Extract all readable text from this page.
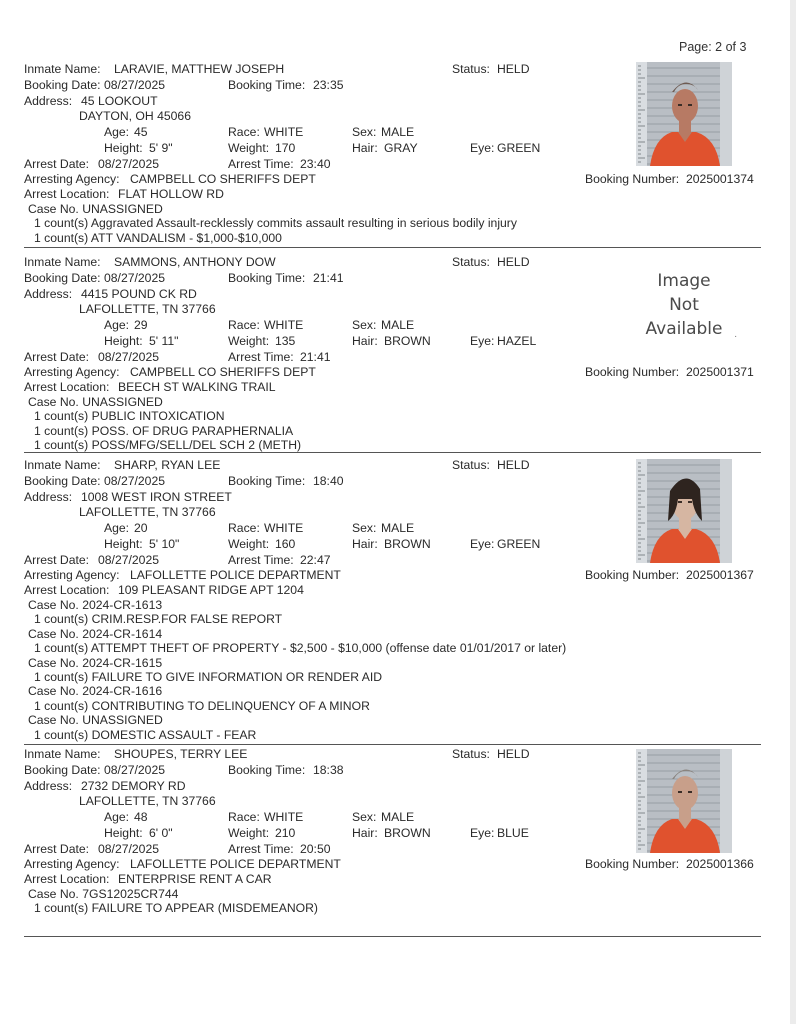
Page: 2 of 3
Inmate Name: LARAVIE, MATTHEW JOSEPH	Status: HELD
Booking Date: 08/27/2025	Booking Time: 23:35
Address: 45 LOOKOUT
DAYTON, OH 45066
Age: 45	Race: WHITE	Sex: MALE
Height: 5' 9"	Weight: 170	Hair: GRAY	Eye: GREEN
Arrest Date: 08/27/2025	Arrest Time: 23:40
Arresting Agency: CAMPBELL CO SHERIFFS DEPT	Booking Number: 2025001374
Arrest Location: FLAT HOLLOW RD
Case No. UNASSIGNED
1 count(s) Aggravated Assault-recklessly commits assault resulting in serious bodily injury
1 count(s) ATT VANDALISM - $1,000-$10,000
Inmate Name: SAMMONS, ANTHONY DOW	Status: HELD
Booking Date: 08/27/2025	Booking Time: 21:41
Address: 4415 POUND CK RD
LAFOLLETTE, TN 37766
Age: 29	Race: WHITE	Sex: MALE
Height: 5' 11"	Weight: 135	Hair: BROWN	Eye: HAZEL
Arrest Date: 08/27/2025	Arrest Time: 21:41
Arresting Agency: CAMPBELL CO SHERIFFS DEPT	Booking Number: 2025001371
Arrest Location: BEECH ST WALKING TRAIL
Case No. UNASSIGNED
1 count(s) PUBLIC INTOXICATION
1 count(s) POSS. OF DRUG PARAPHERNALIA
1 count(s) POSS/MFG/SELL/DEL SCH 2 (METH)
Image
Not
Available	·
Inmate Name: SHARP, RYAN LEE	Status: HELD
Booking Date: 08/27/2025	Booking Time: 18:40
Address: 1008 WEST IRON STREET
LAFOLLETTE, TN 37766
Age: 20	Race: WHITE	Sex: MALE
Height: 5' 10"	Weight: 160	Hair: BROWN	Eye: GREEN
Arrest Date: 08/27/2025	Arrest Time: 22:47
Arresting Agency: LAFOLLETTE POLICE DEPARTMENT	Booking Number: 2025001367
Arrest Location: 109 PLEASANT RIDGE APT 1204
Case No. 2024-CR-1613
1 count(s) CRIM.RESP.FOR FALSE REPORT
Case No. 2024-CR-1614
1 count(s) ATTEMPT THEFT OF PROPERTY - $2,500 - $10,000 (offense date 01/01/2017 or later)
Case No. 2024-CR-1615
1 count(s) FAILURE TO GIVE INFORMATION OR RENDER AID
Case No. 2024-CR-1616
1 count(s) CONTRIBUTING TO DELINQUENCY OF A MINOR
Case No. UNASSIGNED
1 count(s) DOMESTIC ASSAULT - FEAR
Inmate Name: SHOUPES, TERRY LEE	Status: HELD
Booking Date: 08/27/2025	Booking Time: 18:38
Address: 2732 DEMORY RD
LAFOLLETTE, TN 37766
Age: 48	Race: WHITE	Sex: MALE
Height: 6' 0"	Weight: 210	Hair: BROWN	Eye: BLUE
Arrest Date: 08/27/2025	Arrest Time: 20:50
Arresting Agency: LAFOLLETTE POLICE DEPARTMENT	Booking Number: 2025001366
Arrest Location: ENTERPRISE RENT A CAR
Case No. 7GS12025CR744
1 count(s) FAILURE TO APPEAR (MISDEMEANOR)
